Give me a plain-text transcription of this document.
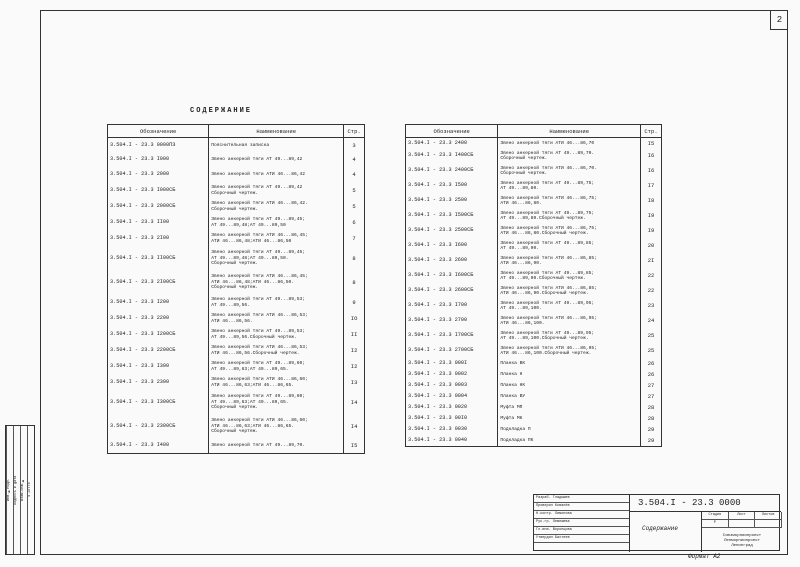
2
СОДЕРЖАНИЕ
Обозначение	Наименование	Стр.
3.504.I - 23.3 0000ПЗ	Пояснительная записка	3
3.504.I - 23.3 I000	Звено анкерной тяги АТ 49...89,42	4
3.504.I - 23.3 2000	Звено анкерной тяги АТИ 46...86,42	4
3.504.I - 23.3 I000СБ	Звено анкерной тяги АТ 49...89,42
Сборочный чертеж.	5
3.504.I - 23.3 2000СБ	Звено анкерной тяги АТИ 46...86,42.
Сборочный чертеж.	5
3.504.I - 23.3 II00	Звено анкерной тяги АТ 49...89,45;
АТ 49...89,48;АТ 49...89,50	6
3.504.I - 23.3 2I00	Звено анкерной тяги АТИ 46...86,45;
АТИ 46...86,48;АТИ 46...86,50	7
3.504.I - 23.3 II00СБ	Звено анкерной тяги АТ 49...89,45;
АТ 49...89,48;АТ 49...89,50.
Сборочный чертеж.	8
3.504.I - 23.3 2I00СБ	Звено анкерной тяги АТИ 46...86,45;
АТИ 46...86,48;АТИ 46...86,50.
Сборочный чертеж.	8
3.504.I - 23.3 I200	Звено анкерной тяги АТ 49...89,53;
АТ 49...89,56.	9
3.504.I - 23.3 2200	Звено анкерной тяги АТИ 46...86,53;
АТИ 46...86,56.	IO
3.504.I - 23.3 I200СБ	Звено анкерной тяги АТ 49...89,53;
АТ 49...89,56.Сборочный чертеж.	II
3.504.I - 23.3 2200СБ	Звено анкерной тяги АТИ 46...86,53;
АТИ 46...86,56.Сборочный чертеж.	I2
3.504.I - 23.3 I300	Звено анкерной тяги АТ 49...89,60;
АТ 49...89,63;АТ 49...89,65.	I2
3.504.I - 23.3 2300	Звено анкерной тяги АТИ 46...86,60;
АТИ 46...86,63;АТИ 46...86,65.	I3
3.504.I - 23.3 I300СБ	Звено анкерной тяги АТ 49...89,60;
АТ 49...89,63;АТ 49...89,65.
Сборочный чертеж.	I4
3.504.I - 23.3 2300СБ	Звено анкерной тяги АТИ 46...86,60;
АТИ 46...86,63;АТИ 46...86,65.
Сборочный чертеж.	I4
3.504.I - 23.3 I400	Звено анкерной тяги АТ 49...89,70.	I5
Обозначение	Наименование	Стр.
3.504.I - 23.3 2400	Звено анкерной тяги АТИ 46...86,70	I5
3.504.I - 23.3 I400СБ	Звено анкерной тяги АТ 49...89,70.
Сборочный чертеж.	I6
3.504.I - 23.3 2400СБ	Звено анкерной тяги АТИ 46...86,70.
Сборочный чертеж.	I6
3.504.I - 23.3 I500	Звено анкерной тяги АТ 49...89,75;
АТ 49...89,80.	I7
3.504.I - 23.3 2500	Звено анкерной тяги АТИ 46...86,75;
АТИ 46...86,80.	I8
3.504.I - 23.3 I500СБ	Звено анкерной тяги АТ 49...89,75;
АТ 49...89,80.Сборочный чертеж.	I9
3.504.I - 23.3 2500СБ	Звено анкерной тяги АТИ 46...86,75;
АТИ 46...86,80.Сборочный чертеж.	I9
3.504.I - 23.3 I600	Звено анкерной тяги АТ 49...89,85;
АТ 49...89,90.	20
3.504.I - 23.3 2600	Звено анкерной тяги АТИ 46...86,85;
АТИ 46...86,90.	2I
3.504.I - 23.3 I600СБ	Звено анкерной тяги АТ 49...89,85;
АТ 49...89,90.Сборочный чертеж.	22
3.504.I - 23.3 2600СБ	Звено анкерной тяги АТИ 46...86,85;
АТИ 46...86,90.Сборочный чертеж.	22
3.504.I - 23.3 I700	Звено анкерной тяги АТ 49...89,95;
АТ 49...89,100.	23
3.504.I - 23.3 2700	Звено анкерной тяги АТИ 46...86,95;
АТИ 46...86,100.	24
3.504.I - 23.3 I700СБ	Звено анкерной тяги АТ 49...89,95;
АТ 49...89,100.Сборочный чертеж.	25
3.504.I - 23.3 2700СБ	Звено анкерной тяги АТИ 46...86,95;
АТИ 46...86,100.Сборочный чертеж.	25
3.504.I - 23.3 000I	Планка ВК	26
3.504.I - 23.3 0002	Планка Н	26
3.504.I - 23.3 0003	Планка НК	27
3.504.I - 23.3 0004	Планка ВУ	27
3.504.I - 23.3 0020	Муфта МП	28
3.504.I - 23.3 00I0	Муфта МК	28
3.504.I - 23.3 0030	Подкладка П	29
3.504.I - 23.3 0040	Подкладка ПК	29
Разраб. Гладышев
Проверил Ковалёв
Н.контр. Лимонова
Рук.гр. Лемешева
Гл.инж. Воронцова
Утвердил Бахтеев
3.504.I - 23.3 0000
Содержание
Стадия	Лист	Листов
Р
Союзморниипроект
Ленморниипроект
Ленинград
Инв.№подл. Подпись и дата Взам.инв.№ 4 20776
Формат А2
